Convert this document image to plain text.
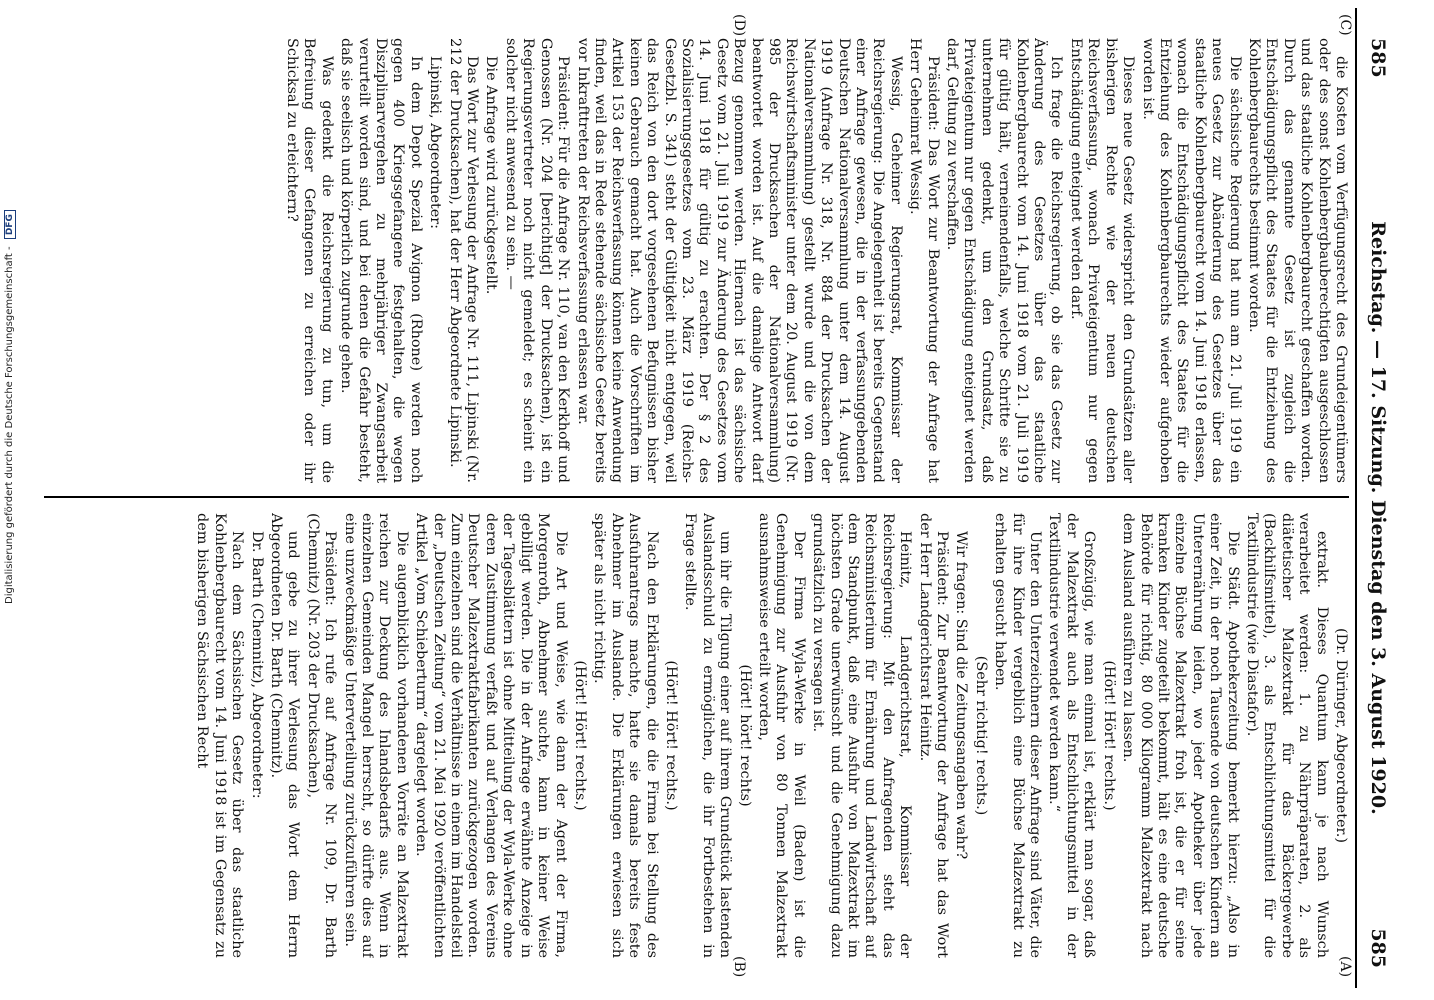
585
Reichstag. — 17. Sitzung. Dienstag den 3. August 1920.
585
(C)
(D)
(A)
(B)

die Kosten vom Verfügungsrecht des Grundeigentümers oder des sonst Kohlenbergbauberechtigten ausgeschlossen und das staatliche Kohlenbergbaurecht geschaffen worden. Durch das genannte Gesetz ist zugleich die Entschädigungspflicht des Staates für die Entziehung des Kohlenbergbaurechts bestimmt worden.

Die sächsische Regierung hat nun am 21. Juli 1919 ein neues Gesetz zur Abänderung des Gesetzes über das staatliche Kohlenbergbaurecht vom 14. Juni 1918 erlassen, wonach die Entschädigungspflicht des Staates für die Entziehung des Kohlenbergbaurechts wieder aufgehoben worden ist.

Dieses neue Gesetz widerspricht den Grundsätzen aller bisherigen Rechte wie der neuen deutschen Reichsverfassung, wonach Privateigentum nur gegen Entschädigung enteignet werden darf.

Ich frage die Reichsregierung, ob sie das Gesetz zur Änderung des Gesetzes über das staatliche Kohlenbergbaurecht vom 14. Juni 1918 vom 21. Juli 1919 für gültig hält, verneinendenfalls, welche Schritte sie zu unternehmen gedenkt, um den Grundsatz, daß Privateigentum nur gegen Entschädigung enteignet werden darf, Geltung zu verschaffen.

Präsident: Das Wort zur Beantwortung der Anfrage hat Herr Geheimrat Wessig.

Wessig, Geheimer Regierungsrat, Kommissar der Reichsregierung: Die Angelegenheit ist bereits Gegenstand einer Anfrage gewesen, die in der verfassunggebenden Deutschen Nationalversammlung unter dem 14. August 1919 (Anfrage Nr. 318, Nr. 884 der Drucksachen der Nationalversammlung) gestellt wurde und die von dem Reichswirtschaftsminister unter dem 20. August 1919 (Nr. 985 der Drucksachen der Nationalversammlung) beantwortet worden ist. Auf die damalige Antwort darf Bezug genommen werden. Hiernach ist das sächsische Gesetz vom 21. Juli 1919 zur Änderung des Gesetzes vom 14. Juni 1918 für gültig zu erachten. Der § 2 des Sozialisierungsgesetzes vom 23. März 1919 (Reichs-Gesetzbl. S. 341) steht der Gültigkeit nicht entgegen, weil das Reich von den dort vorgesehenen Befugnissen bisher keinen Gebrauch gemacht hat. Auch die Vorschriften im Artikel 153 der Reichsverfassung können keine Anwendung finden, weil das in Rede stehende sächsische Gesetz bereits vor Inkrafttreten der Reichsverfassung erlassen war.

Präsident: Für die Anfrage Nr. 110, van den Kerkhoff und Genossen (Nr. 204 [berichtigt] der Drucksachen), ist ein Regierungsvertreter noch nicht gemeldet; es scheint ein solcher nicht anwesend zu sein. —

Die Anfrage wird zurückgestellt.

Das Wort zur Verlesung der Anfrage Nr. 111, Lipinski (Nr. 212 der Drucksachen), hat der Herr Abgeordnete Lipinski.

Lipinski, Abgeordneter:

In dem Depot Spezial Avignon (Rhone) werden noch gegen 400 Kriegsgefangene festgehalten, die wegen Disziplinarvergehen zu mehrjähriger Zwangsarbeit verurteilt worden sind, und bei denen die Gefahr besteht, daß sie seelisch und körperlich zugrunde gehen.

Was gedenkt die Reichsregierung zu tun, um die Befreiung dieser Gefangenen zu erreichen oder ihr Schicksal zu erleichtern?

(Dr. Düringer, Abgeordneter.)

extrakt. Dieses Quantum kann je nach Wunsch verarbeitet werden: 1. zu Nährpräparaten, 2. als diätetischer Malzextrakt für das Bäckergewerbe (Backhilfsmittel), 3. als Entschlichtungsmittel für die Textilindustrie (wie Diastafor).

Die Städt. Apothekerzeitung bemerkt hierzu: „Also in einer Zeit, in der noch Tausende von deutschen Kindern an Unterernährung leiden, wo jeder Apotheker über jede einzelne Büchse Malzextrakt froh ist, die er für seine kranken Kinder zugeteilt bekommt, hält es eine deutsche Behörde für richtig, 80 000 Kilogramm Malzextrakt nach dem Ausland ausführen zu lassen.

(Hört! Hört! rechts.)

Großzügig, wie man einmal ist, erklärt man sogar, daß der Malzextrakt auch als Entschlichtungsmittel in der Textilindustrie verwendet werden kann.“

Unter den Unterzeichnern dieser Anfrage sind Väter, die für ihre Kinder vergeblich eine Büchse Malzextrakt zu erhalten gesucht haben.

(Sehr richtig! rechts.)

Wir fragen: Sind die Zeitungsangaben wahr?

Präsident: Zur Beantwortung der Anfrage hat das Wort der Herr Landgerichtsrat Heinitz.

Heinitz, Landgerichtsrat, Kommissar der Reichsregierung: Mit den Anfragenden steht das Reichsministerium für Ernährung und Landwirtschaft auf dem Standpunkt, daß eine Ausfuhr von Malzextrakt im höchsten Grade unerwünscht und die Genehmigung dazu grundsätzlich zu versagen ist.

Der Firma Wyla-Werke in Weil (Baden) ist die Genehmigung zur Ausfuhr von 80 Tonnen Malzextrakt ausnahmsweise erteilt worden,

(Hört! hört! rechts)

um ihr die Tilgung einer auf ihrem Grundstück lastenden Auslandsschuld zu ermöglichen, die ihr Fortbestehen in Frage stellte.

(Hört! Hört! rechts.)

Nach den Erklärungen, die die Firma bei Stellung des Ausfuhrantrags machte, hatte sie damals bereits feste Abnehmer im Auslande. Die Erklärungen erwiesen sich später als nicht richtig.

(Hört! Hört! rechts.)

Die Art und Weise, wie dann der Agent der Firma, Morgenroth, Abnehmer suchte, kann in keiner Weise gebilligt werden. Die in der Anfrage erwähnte Anzeige in der Tagesblättern ist ohne Mitteilung der Wyla-Werke ohne deren Zustimmung verfaßt und auf Verlangen des Vereins Deutscher Malzextraktfabrikanten zurückgezogen worden. Zum einzelnen sind die Verhältnisse in einem im Handelsteil der „Deutschen Zeitung“ vom 21. Mai 1920 veröffentlichten Artikel „Vom Schieberturm“ dargelegt worden.

Die augenblicklich vorhandenen Vorräte an Malzextrakt reichen zur Deckung des Inlandsbedarfs aus. Wenn in einzelnen Gemeinden Mangel herrscht, so dürfte dies auf eine unzweckmäßige Unterverteilung zurückzuführen sein.

Präsident: Ich rufe auf Anfrage Nr. 109, Dr. Barth (Chemnitz) (Nr. 203 der Drucksachen),

und gebe zu ihrer Verlesung das Wort dem Herrn Abgeordneten Dr. Barth (Chemnitz).

Dr. Barth (Chemnitz), Abgeordneter:

Nach dem Sächsischen Gesetz über das staatliche Kohlenbergbaurecht vom 14. Juni 1918 ist im Gegensatz zu dem bisherigen Sächsischen Recht

Digitalisierung gefördert durch die Deutsche Forschungsgemeinschaft - DFG
